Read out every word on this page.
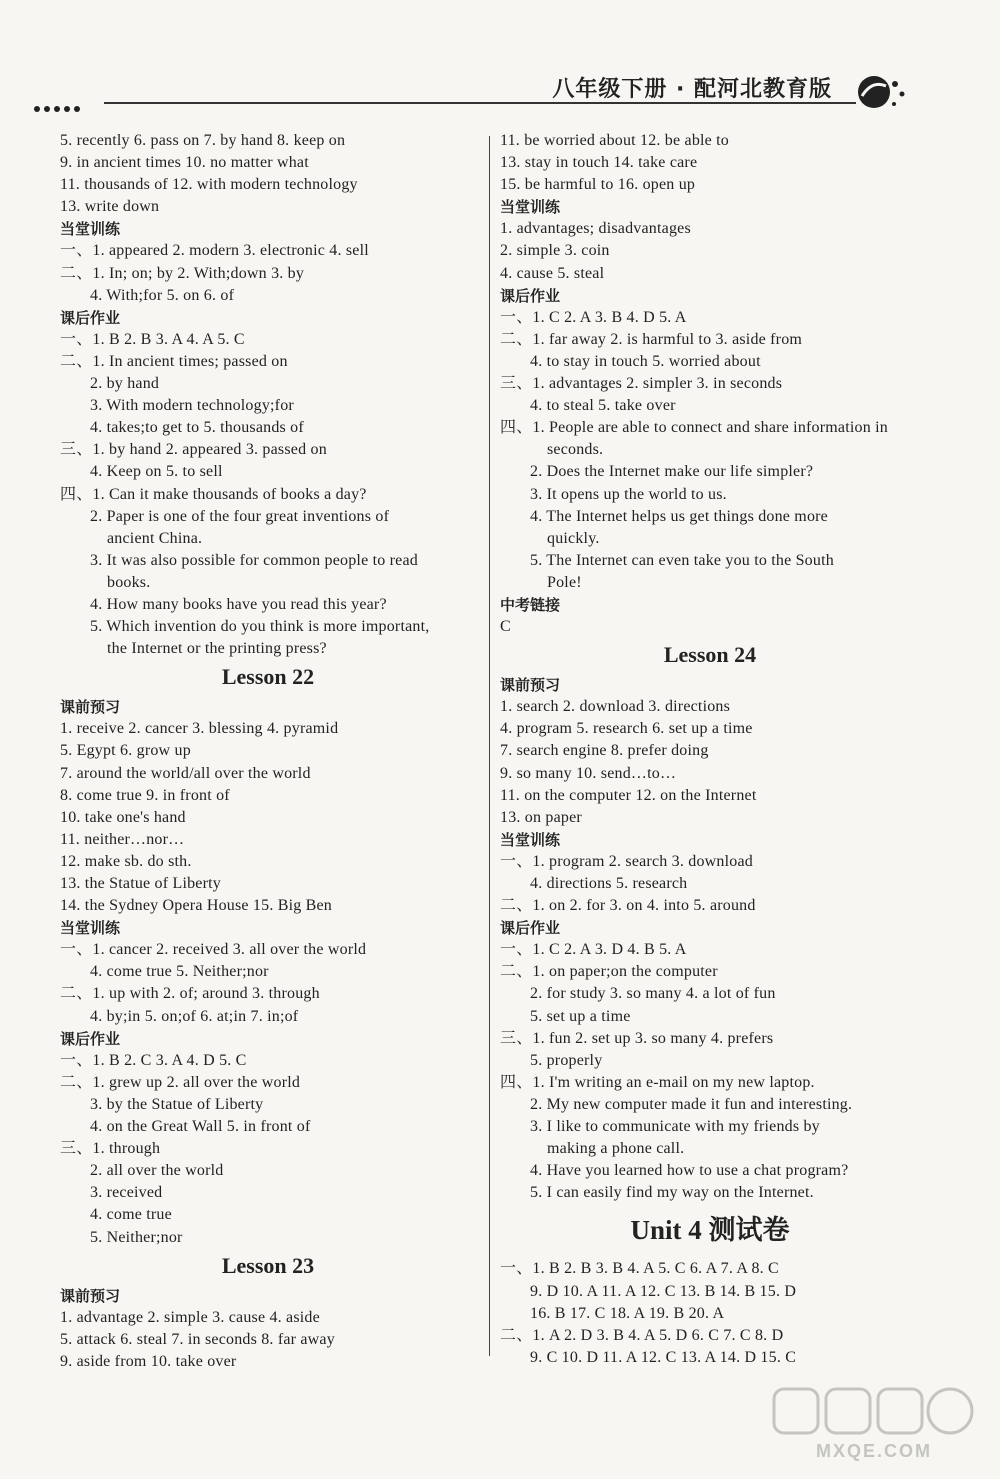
八年级下册 · 配河北教育版
5. recently 6. pass on 7. by hand 8. keep on
9. in ancient times 10. no matter what
11. thousands of 12. with modern technology
13. write down
当堂训练
一、1. appeared 2. modern 3. electronic 4. sell
二、1. In; on; by 2. With;down 3. by
4. With;for 5. on 6. of
课后作业
一、1. B 2. B 3. A 4. A 5. C
二、1. In ancient times; passed on
2. by hand
3. With modern technology;for
4. takes;to get to 5. thousands of
三、1. by hand 2. appeared 3. passed on
4. Keep on 5. to sell
四、1. Can it make thousands of books a day?
2. Paper is one of the four great inventions of
ancient China.
3. It was also possible for common people to read
books.
4. How many books have you read this year?
5. Which invention do you think is more important,
the Internet or the printing press?
Lesson 22
课前预习
1. receive 2. cancer 3. blessing 4. pyramid
5. Egypt 6. grow up
7. around the world/all over the world
8. come true 9. in front of
10. take one's hand
11. neither…nor…
12. make sb. do sth.
13. the Statue of Liberty
14. the Sydney Opera House 15. Big Ben
当堂训练
一、1. cancer 2. received 3. all over the world
4. come true 5. Neither;nor
二、1. up with 2. of; around 3. through
4. by;in 5. on;of 6. at;in 7. in;of
课后作业
一、1. B 2. C 3. A 4. D 5. C
二、1. grew up 2. all over the world
3. by the Statue of Liberty
4. on the Great Wall 5. in front of
三、1. through
2. all over the world
3. received
4. come true
5. Neither;nor
Lesson 23
课前预习
1. advantage 2. simple 3. cause 4. aside
5. attack 6. steal 7. in seconds 8. far away
9. aside from 10. take over
11. be worried about 12. be able to
13. stay in touch 14. take care
15. be harmful to 16. open up
当堂训练
1. advantages; disadvantages
2. simple 3. coin
4. cause 5. steal
课后作业
一、1. C 2. A 3. B 4. D 5. A
二、1. far away 2. is harmful to 3. aside from
4. to stay in touch 5. worried about
三、1. advantages 2. simpler 3. in seconds
4. to steal 5. take over
四、1. People are able to connect and share information in
seconds.
2. Does the Internet make our life simpler?
3. It opens up the world to us.
4. The Internet helps us get things done more
quickly.
5. The Internet can even take you to the South
Pole!
中考链接
C
Lesson 24
课前预习
1. search 2. download 3. directions
4. program 5. research 6. set up a time
7. search engine 8. prefer doing
9. so many 10. send…to…
11. on the computer 12. on the Internet
13. on paper
当堂训练
一、1. program 2. search 3. download
4. directions 5. research
二、1. on 2. for 3. on 4. into 5. around
课后作业
一、1. C 2. A 3. D 4. B 5. A
二、1. on paper;on the computer
2. for study 3. so many 4. a lot of fun
5. set up a time
三、1. fun 2. set up 3. so many 4. prefers
5. properly
四、1. I'm writing an e-mail on my new laptop.
2. My new computer made it fun and interesting.
3. I like to communicate with my friends by
making a phone call.
4. Have you learned how to use a chat program?
5. I can easily find my way on the Internet.
Unit 4 测试卷
一、1. B 2. B 3. B 4. A 5. C 6. A 7. A 8. C
9. D 10. A 11. A 12. C 13. B 14. B 15. D
16. B 17. C 18. A 19. B 20. A
二、1. A 2. D 3. B 4. A 5. D 6. C 7. C 8. D
9. C 10. D 11. A 12. C 13. A 14. D 15. C
MXQE.COM
